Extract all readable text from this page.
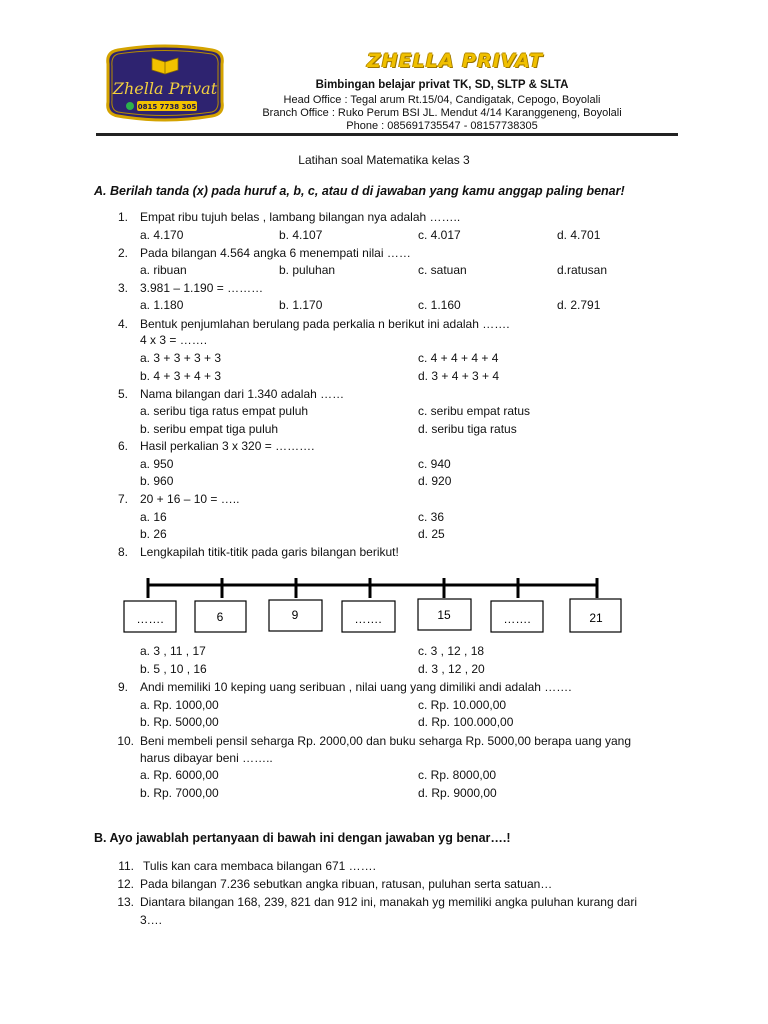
Zhella Privat
0815 7738 305
ZHELLA PRIVAT
Bimbingan belajar privat TK, SD, SLTP & SLTA
Head Office : Tegal arum Rt.15/04, Candigatak, Cepogo, Boyolali
Branch Office : Ruko Perum BSI JL. Mendut 4/14 Karanggeneng, Boyolali
Phone : 085691735547 - 08157738305
Latihan soal Matematika kelas 3
A. Berilah tanda (x) pada huruf a, b, c, atau d di jawaban yang kamu anggap paling benar!
1. Empat ribu tujuh belas , lambang bilangan nya adalah ……..
a. 4.170	b. 4.107	c. 4.017	d. 4.701
2. Pada bilangan 4.564 angka 6 menempati nilai ……
a. ribuan	b. puluhan	c. satuan	d.ratusan
3. 3.981 – 1.190 = ………
a. 1.180	b. 1.170	c. 1.160	d. 2.791
4. Bentuk penjumlahan berulang pada perkalia n berikut ini adalah …….
4 x 3 = …….
a. 3 + 3 + 3 + 3	c. 4 + 4 + 4 + 4
b. 4 + 3 + 4 + 3	d. 3 + 4 + 3 + 4
5. Nama bilangan dari 1.340 adalah ……
a. seribu tiga ratus empat puluh	c. seribu empat ratus
b. seribu empat tiga puluh	d. seribu tiga ratus
6. Hasil perkalian 3 x 320 = ……….
a. 950	c. 940
b. 960	d. 920
7. 20 + 16 – 10 = …..
a. 16	c. 36
b. 26	d. 25
8. Lengkapilah titik-titik pada garis bilangan berikut!
…….	6	9	…….	15	…….	21
a. 3 , 11 , 17	c. 3 , 12 , 18
b. 5 , 10 , 16	d. 3 , 12 , 20
9. Andi memiliki 10 keping uang seribuan , nilai uang yang dimiliki andi adalah …….
a. Rp. 1000,00	c. Rp. 10.000,00
b. Rp. 5000,00	d. Rp. 100.000,00
10. Beni membeli pensil seharga Rp. 2000,00 dan buku seharga Rp. 5000,00 berapa uang yang
harus dibayar beni ……..
a. Rp. 6000,00	c. Rp. 8000,00
b. Rp. 7000,00	d. Rp. 9000,00
B. Ayo jawablah pertanyaan di bawah ini dengan jawaban yg benar….!
11. Tulis kan cara membaca bilangan 671 …….
12. Pada bilangan 7.236 sebutkan angka ribuan, ratusan, puluhan serta satuan…
13. Diantara bilangan 168, 239, 821 dan 912 ini, manakah yg memiliki angka puluhan kurang dari
3….
